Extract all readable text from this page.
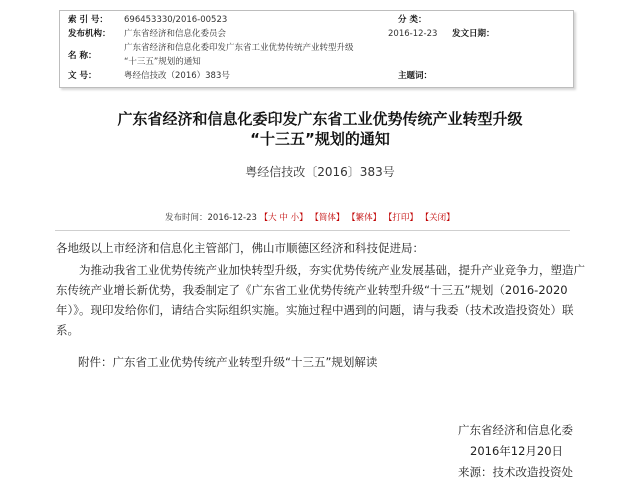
索 引 号： 696453330/2016-00523	分 类：
发布机构： 广东省经济和信息化委员会	2016-12-23 发文日期：
名 称：
广东省经济和信息化委印发广东省工业优势传统产业转型升级
“十三五”规划的通知
文 号：	粤经信技改（2016）383号	主题词：
广东省经济和信息化委印发广东省工业优势传统产业转型升级
“十三五”规划的通知
粤经信技改〔2016〕383号
发布时间：2016-12-23 【大 中 小】 【简体】 【繁体】 【打印】 【关闭】
各地级以上市经济和信息化主管部门，佛山市顺德区经济和科技促进局：
为推动我省工业优势传统产业加快转型升级，夯实优势传统产业发展基础，提升产业竞争力，塑造广东传统产业增长新优势，我委制定了《广东省工业优势传统产业转型升级“十三五”规划（2016-2020年）》。现印发给你们，请结合实际组织实施。实施过程中遇到的问题，请与我委（技术改造投资处）联系。
附件：广东省工业优势传统产业转型升级“十三五”规划解读
广东省经济和信息化委
2016年12月20日
来源：技术改造投资处
